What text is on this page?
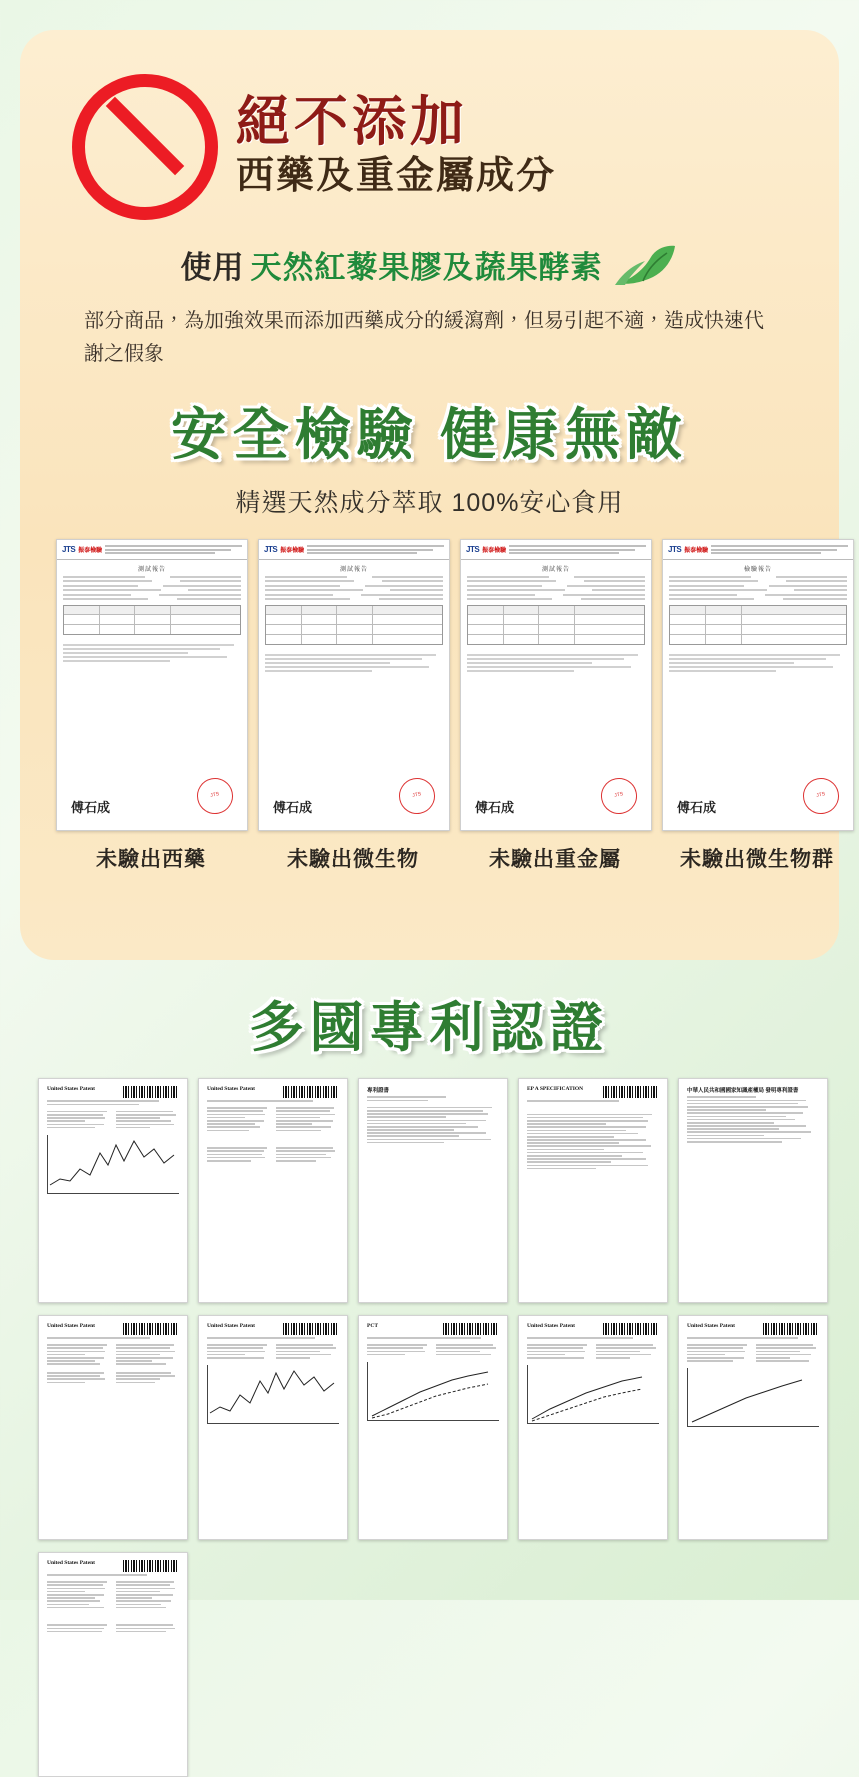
絕不添加
西藥及重金屬成分
使用 天然紅藜果膠及蔬果酵素
部分商品，為加強效果而添加西藥成分的緩瀉劑，但易引起不適，造成快速代謝之假象
安全檢驗 健康無敵
精選天然成分萃取 100%安心食用
JTS 振泰檢驗
測試報告
傅石成
JTS
未驗出西藥
JTS 振泰檢驗
測試報告
傅石成
JTS
未驗出微生物
JTS 振泰檢驗
測試報告
傅石成
JTS
未驗出重金屬
JTS 振泰檢驗
檢驗報告
傅石成
JTS
未驗出微生物群
多國專利認證
United States Patent	United States Patent
	專利證書	EP A SPECIFICATION
	中華人民共和國國家知識產權局 發明專利證書
United States Patent	United States Patent	PCT	United States Patent	United States Patent
United States Patent
